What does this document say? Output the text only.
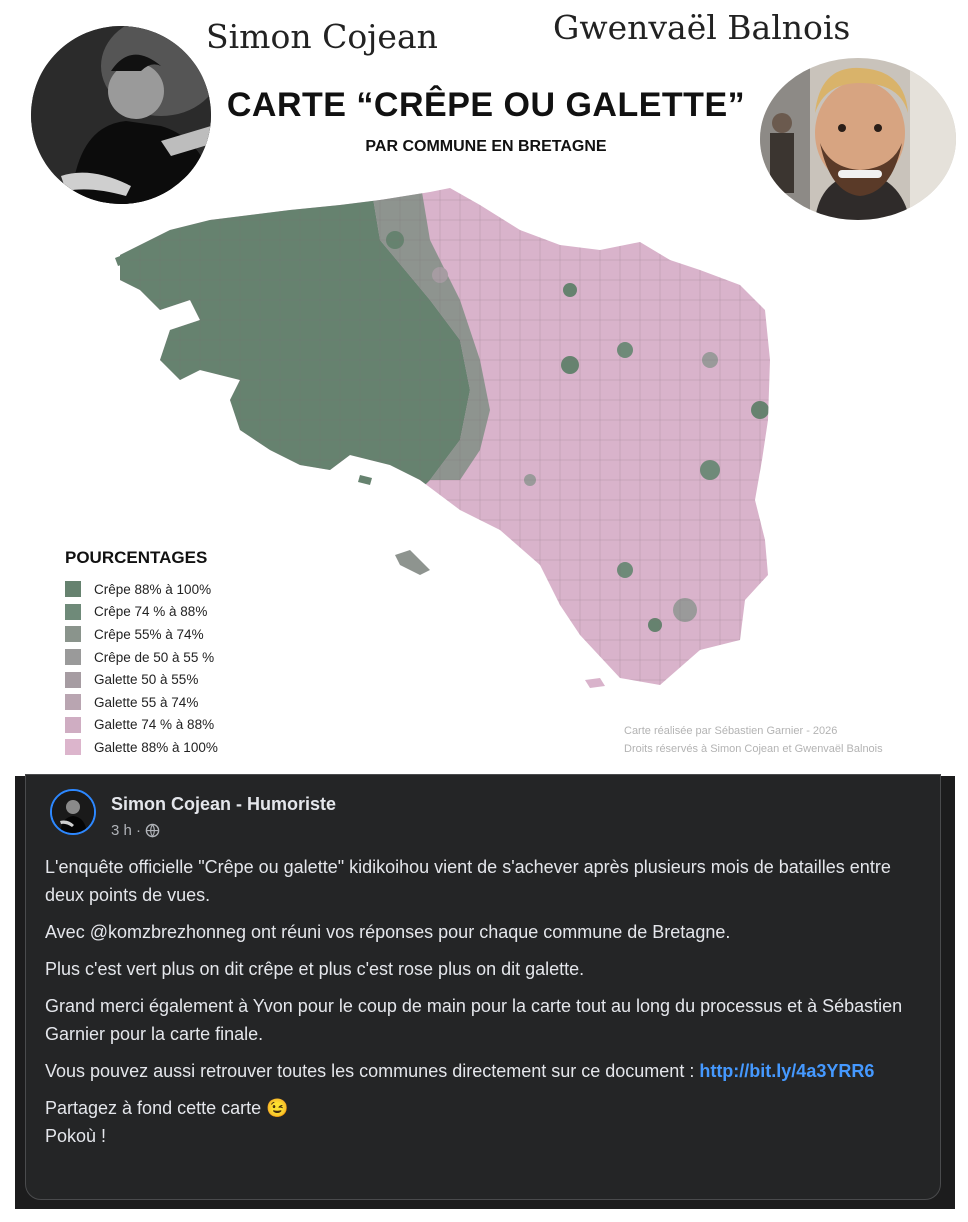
Simon Cojean	Gwenvaël Balnois
CARTE “CRÊPE OU GALETTE”
PAR COMMUNE EN BRETAGNE
POURCENTAGES
Crêpe 88% à 100%
Crêpe 74 % à 88%
Crêpe 55% à 74%
Crêpe de 50 à 55 %
Galette 50 à 55%
Galette 55 à 74%
Galette 74 % à 88%
Galette 88% à 100%
Carte réalisée par Sébastien Garnier - 2026
Droits réservés à Simon Cojean et Gwenvaël Balnois
Simon Cojean - Humoriste
3 h ·

L'enquête officielle "Crêpe ou galette" kidikoihou vient de s'achever après plusieurs mois de batailles entre deux points de vues.

Avec @komzbrezhonneg ont réuni vos réponses pour chaque commune de Bretagne.

Plus c'est vert plus on dit crêpe et plus c'est rose plus on dit galette.

Grand merci également à Yvon pour le coup de main pour la carte tout au long du processus et à Sébastien Garnier pour la carte finale.

Vous pouvez aussi retrouver toutes les communes directement sur ce document : http://bit.ly/4a3YRR6

Partagez à fond cette carte 😉

Pokoù !
